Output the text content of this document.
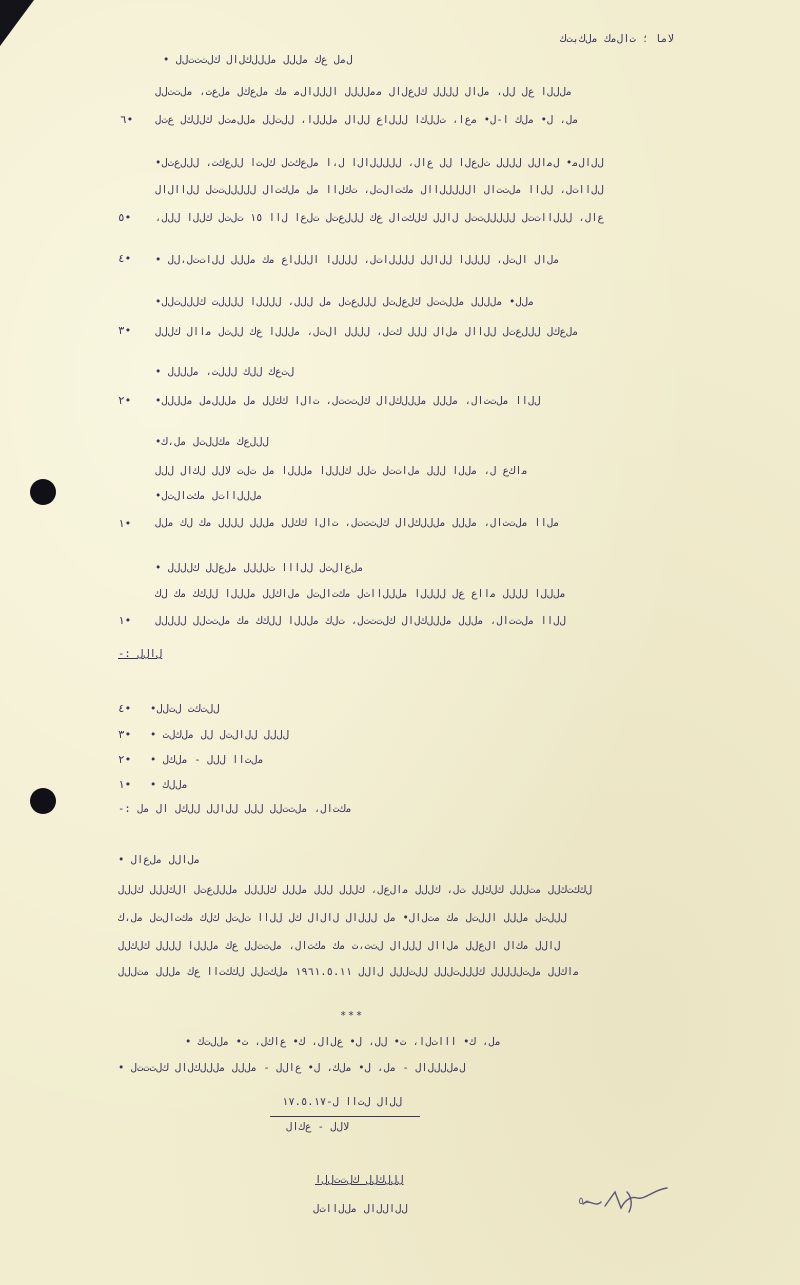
ﻻﻣﺎ ؛ ﺕﺍﻝﻣﻙ ﻣﻝﻙﺑﺕﻙ
ﻝﻣﻝ ﻉﻙ ﻣﻝﻝﻝ ﻣﻝﻝﻝﻙﻝﺍﻝ ﻙﻝﺕﺕﺕﻝﻝ •
ﻣﻝﻝﻝﺍ ﻉﻝ ﻝﻝ، ﻣﻝﺍﻝ ﻝﻝﻝﻝ ﻙﻝﻉﻝﺍﻝ ﻣﻣﻝﻝﻝﻝ ﺍﻝﻝﻝﺍﻝﻣ ﻣﻙ ﻣﻝﻉﻙﻝ ﻣﻝﻉﺕ، ﻣﻝﺕﺕﻝﻝ
ﻣﻝ، ﻝ• ﻣﻝﻙ ﺍ-ﻝ• ﻣﻉﺍ، ﺕﻝﻝﻙﺍ ﻝﻝﻝﺍﻉ ﻝﻝﺍﻝ ﻣﻝﻝﻝﺍ، ﻝﻝﺕﻝﻝ ﻣﻝﻝﻣﺕﻝ ﻙﻝﻝﻙﻝ ﻉﺕﻝ
٦•
ﻝﻝﺍﻝﻣ• ﻝﻣﺍﻝﻝ ﻝﻝﻝﻝ ﺕﻝﻉﻝﺍ ﻝﻝ ﻉﺍﻝ، ﻝﻝﻝﻝﻝﺍﻝﺍ ﻝ،ﺍ ﻣﻝﻉﻙﺕﻝ ﻙﻝﺕﺍ ﻝﻝﻉﻙﺕ، ﻝﻝﻝﻉﺕﻝ•
ﻝﻝﺍﺍﺕﻝ، ﻝﻝﺍﺍ ﻣﻝﺕﺕﺍﻝ ﺍﻝﻝﻝﻝﻝﺍﺍﻝ ﻣﻙﺕﺍﻝﺕﻝ، ﺕﻙﻝﺍﺍ ﻣﻝ ﻣﻝﻙﺕﺍﻝ ﻝﻝﻝﻝﻝﺕﺕﻝ ﻝﻝﺍﺍﻝﺍﻝ
ﻉﺍﻝ، ﻝﻝﻝﺍﺍﺕﺕﻝ ﻝﻝﻝﻝﻝﺕﺕﻝ ﻝﺍﻝﻝ ﻙﻝﻙﺕﺍﻝ ﻉﻙ ﻝﻝﻝﻉﺕﻝ ﺕﻝﻉﺍ ﻝﺍﺍ ١٥ ﺕﻝﺕﻝ ﻙﻝﻝﺍ ﻝﻝﻝ،
٥•
ﻣﻝﺍﻝ ﺍﻝﺕﻝ، ﻝﻝﻝﻝﺍ ﻝﻝﺍﻝﻝ ﻝﻝﻝﻝﺍﺕﻝ، ﻝﻝﻝﻝﺍ ﺍﻝﻝﻝﺍﻉ ﻣﻙ ﻣﻝﻝﻝ ﻝﻝﺍﺕﺕﻝ،ﻝﻝ •
٤•
ﻣﻝﻝ• ﻣﻝﻝﻝﻝ ﻣﻝﻝﺕﺕﻝ ﻙﻝﻉﻝﺕﻝ ﻝﻝﻝﻉﺕﻝ ﻣﻝ ﻝﻝﻝ، ﻝﻝﻝﻝﺍ ﻝﻝﻝﻝﺕ ﻙﻝﻝﻝﺕﻝﻝ•
ﻣﻝﻉﻙﻝ ﻝﻝﻝﻉﺕﻝ ﻝﻝﺍﺍﻝ ﻣﻝﺍﻝ ﻝﻝﻝ ﻙﺕﻝ، ﻝﻝﻝﻝ ﺍﻝﺕﻝ، ﻣﻝﻝﻝﺍ ﻉﻙ ﻝﻝﺕﻝ ﻣﺍﺍﻝ ﻙﻝﻝﻝ
٣•
ﻝﺕﻉﻙ ﻝﻝﻙ ﻝﻝﻝﺕ، ﻣﻝﻝﻝﻝ •
ﻝﻝﺍﺍ ﻣﻝﺕﺕﺍﻝ، ﻣﻝﻝﻝ ﻣﻝﻝﻝﻙﻝﺍﻝ ﻙﻝﺕﺕﺕﻝ، ﺕﺍﻝﺍ ﻙﻙﻝﻝ ﻣﻝ ﻣﻝﻝﻝﻣﻝ ﻣﻝﻝﻝﻝ•
٢•
ﻝﻝﻝﻉﻙ ﻣﻙﻝﻝﺕﻝ ﻣﻝ،ﻙ•
ﻣﺍﻙﻉ ﻝ، ﻣﻝﻝﺍ ﻝﻝﻝ ﻣﻝﺍﺕﺕﻝ ﺕﻝﻝ ﻙﻝﻝﻝﺍ ﻣﻝﻝﻝﺍ ﻣﻝ ﺕﻝﺕ ﻻﻝﻝ ﻝﻙﺍﻝ ﻝﻝﻝ
ﻣﻝﻝﻝﺍﺍﺕﻝ ﻣﻙﺕﺍﻝﺕﻝ•
ﻣﻝﺍﺍ ﻣﻝﺕﺕﺍﻝ، ﻣﻝﻝﻝ ﻣﻝﻝﻝﻙﻝﺍﻝ ﻙﻝﺕﺕﺕﻝ، ﺕﺍﻝﺍ ﻙﻙﻝﻝ ﻣﻝﻝﻝ ﻝﻝﻝﻝ ﻣﻙ ﻝﻙ ﻣﻝﻝ
١•
ﻣﻝﻉﺍﻝﺕﻝ ﻝﻝﺍﺍﺍ ﺕﻝﻝﻝﻝ ﻣﻝﻉﻝﻝ ﻙﻝﻝﻝﻝ •
ﻣﻝﻝﻝﺍ ﻝﻝﻝﻝ ﻣﺍﺍﻉ ﻉﻝ ﻝﻝﻝﻝﺍ ﻣﻝﻝﻝﺍﺍﺕﻝ ﻣﻙﺕﺍﻝﺕﻝ ﻣﻝﺍﻙﻝﻝ ﻣﻝﻝﻝﺍ ﻝﻝﻙﻙ ﻣﻙ ﻝﻙ
ﻝﻝﺍﺍ ﻣﻝﺕﺕﺍﻝ، ﻣﻝﻝﻝ ﻣﻝﻝﻝﻙﻝﺍﻝ ﻙﻝﺕﺕﺕﻝ، ﺕﻝﻙ ﻣﻝﻝﻝﺍ ﻝﻝﻙﻙ ﻣﻙ ﻣﻝﺕﺕﻝﻝ ﻝﻝﻝﻝﻝ
١•
ﻝﺍﻝﻝ :-
٤• ﻝﻝﺕﻙﺕ ﻝﺕﻝﻝ•
٣• ﻝﻝﻝﻝ ﻝﻝﺍﻝﺕﻝ ﻝﻝ ﻣﻝﻙﻝﺕ •
٢• ﻣﻝﺕﺍﺍ ﻝﻝﻝ - ﻣﻝﻙﻝ •
١• ﻣﻝﻝﻙ •
ﻣﻙﺕﺍﻝ، ﻣﻝﺕﺕﻝﻝ ﻝﻝﻝ ﻝﻝﺍﻝﻝ ﻝﻝﻙﻝ ﺍﻝ ﻣﻝ :-
ﻣﻝﺍﻝﻝ ﻣﻝﻉﺍﻝ •
ﻝﻙﻙﺕﻙﻝﻝ ﻣﺕﻝﻝﻝ ﻙﻝﻙﻝﻝ ﺕﻝ، ﻙﻝﻝﻝ ﻣﺍﻝﻉﻝ، ﻙﻝﻝﻝ ﻝﻝﻝ ﻣﻝﻝﻝ ﻙﻝﻝﻝﻝ ﻣﻝﻝﻝﻉﺕﻝ ﺍﻝﻙﻝﻝﻝ ﻙﻝﻝﻝ
ﻝﻝﻝﺕﻝ ﻣﻝﻝﻝ ﺍﻝﻝﺕﻝ ﻣﻙ ﻣﺕﻝﺍﻝ• ﻣﻝ ﻝﻝﻝﺍﻝ ﻝﺍﻝﺍﻝ ﻙﻝ ﻝﻝﺍﺍ ﺕﻝﺕﻝ ﻙﻝﻙ ﻣﻙﺕﺍﻝﺕﻝ ﻣﻝ،ﻙ
ﻝﺍﻝﻝ ﻣﻙﺍﻝ ﺍﻝﻉﻝﻝ ﻣﻝﺍﺍﻝ ﻝﻝﻝﺍﻝ ﻝﺕﺕ،ﺕ ﻣﻙ ﻣﻙﺕﺍﻝ، ﻣﻝﺕﺕﻝﻝ ﻉﻙ ﻣﻝﻝﻝﺍ ﻝﻝﻝﻝ ﻙﻝﻙﻝﻝ
ﻣﺍﻙﻝﻝ ﻣﻝﺕﻝﻝﻝﻝﻝ ﻙﻝﻝﻝﺕﻝﻝﻝ ﻝﻝﺕﻝﻝﻝ ﻝﺍﻝﻝ ١٩٦١.٥.١١ ﻣﻝﻙﺕﻝﻝ ﻝﻙﻙﺕﺍﺍ ﻉﻙ ﻣﻝﻝﻝ ﻣﺕﻝﻝﻝ
***
ﻣﻝ، ﻙ• ﺍﺍﺍﺕﻝﺍ، ﺕ• ﻝﻝ، ﻝ• ﻉﻝﺍﻝ، ﻙ• ﻉﺍﻙﻝ، ﺕ• ﻣﻝﻝﺕﻙ •
ﻝﻣﻝﻝﻝﻝﺍﻝ - ﻣﻝ، ﻝ• ﻣﻝﻙ، ﻝ• ﻉﺍﻝﻝ - ﻣﻝﻝﻝ ﻣﻝﻝﻝﻙﻝﺍﻝ ﻙﻝﺕﺕﺕﻝ •
ﻝﻝﺍﻝ ﻝﺕﺍﺍ ﻝ-١٧.٥.١٧
ﻻﻝﻝ - ﻉﻙﺍﻝ
ﻝﻝﻝﻙﻝﻝ ﻙﻝﺕﺕﻝﻝﺍ
ﻝﻝﺍﻝﻝﺍﻝ ﻣﻝﻝﺍﺍﺕﻝ
٥-
